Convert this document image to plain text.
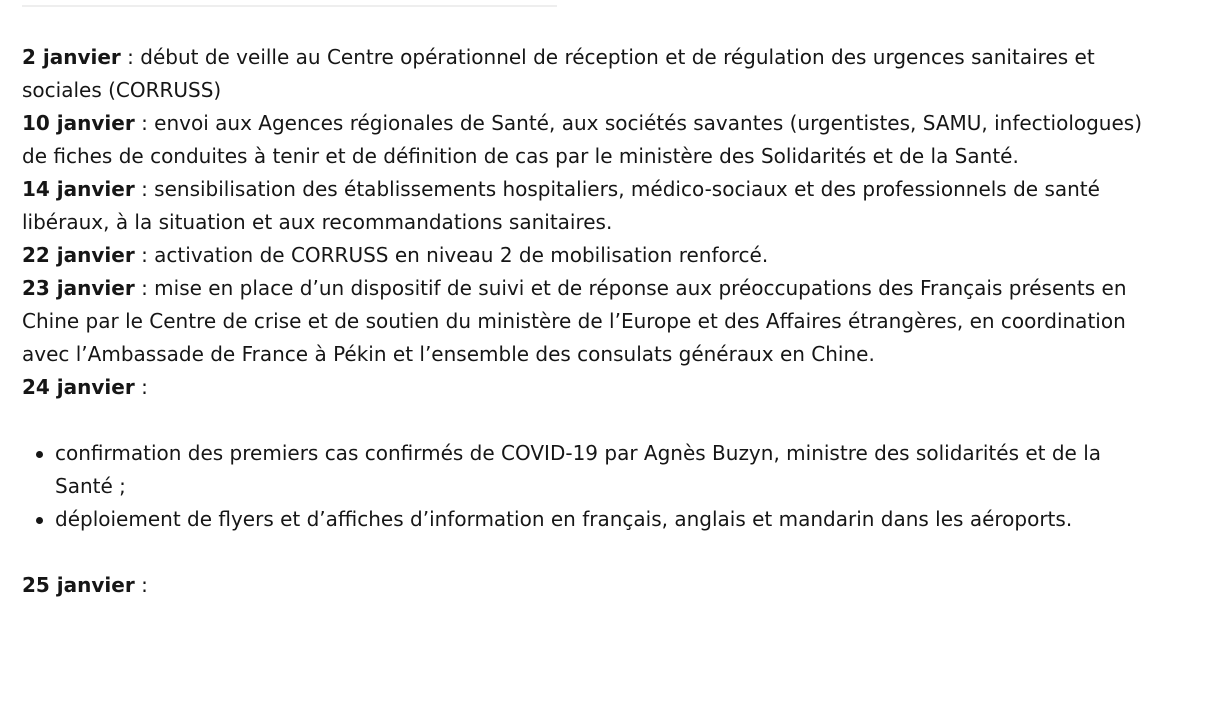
2 janvier : début de veille au Centre opérationnel de réception et de régulation des urgences sanitaires et sociales (CORRUSS)

10 janvier : envoi aux Agences régionales de Santé, aux sociétés savantes (urgentistes, SAMU, infectiologues) de fiches de conduites à tenir et de définition de cas par le ministère des Solidarités et de la Santé.

14 janvier : sensibilisation des établissements hospitaliers, médico-sociaux et des professionnels de santé libéraux, à la situation et aux recommandations sanitaires.

22 janvier : activation de CORRUSS en niveau 2 de mobilisation renforcé.

23 janvier : mise en place d’un dispositif de suivi et de réponse aux préoccupations des Français présents en Chine par le Centre de crise et de soutien du ministère de l’Europe et des Affaires étrangères, en coordination avec l’Ambassade de France à Pékin et l’ensemble des consulats généraux en Chine.

24 janvier :

confirmation des premiers cas confirmés de COVID-19 par Agnès Buzyn, ministre des solidarités et de la Santé ;
déploiement de flyers et d’affiches d’information en français, anglais et mandarin dans les aéroports.

25 janvier :
